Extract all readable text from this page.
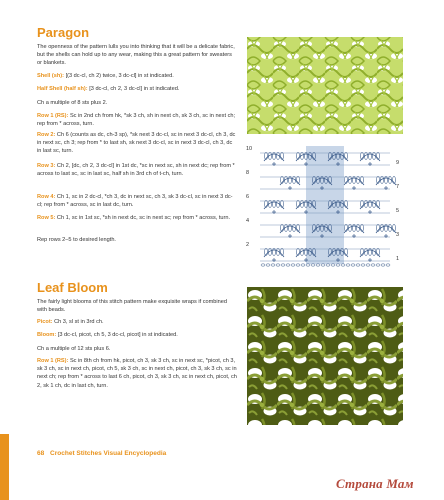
Paragon

The openness of the pattern lulls you into thinking that it will be a delicate fabric, but the shells can hold up to any wear, making this a great pattern for sweaters or blankets.

Shell (sh): [(3 dc-cl, ch 2) twice, 3 dc-cl] in st indicated.

Half Shell (half sh): [3 dc-cl, ch 2, 3 dc-cl] in st indicated.

Ch a multiple of 8 sts plus 2.

Row 1 (RS): Sc in 2nd ch from hk, *sk 3 ch, sh in next ch, sk 3 ch, sc in next ch; rep from * across, turn.

Row 2: Ch 6 (counts as dc, ch-3 sp), *sk next 3 dc-cl, sc in next 3 dc-cl, ch 3, dc in next sc, ch 3; rep from * to last sh, sk next 3 dc-cl, sc in next 3 dc-cl, ch 3, dc in last sc, turn.

Row 3: Ch 2, [dc, ch 2, 3 dc-cl] in 1st dc, *sc in next sc, sh in next dc; rep from * across to last sc, sc in last sc, half sh in 3rd ch of t-ch, turn.

Row 4: Ch 1, sc in 2 dc-cl, *ch 3, dc in next sc, ch 3, sk 3 dc-cl, sc in next 3 dc-cl; rep from * across, sc in last dc, turn.

Row 5: Ch 1, sc in 1st sc, *sh in next dc, sc in next sc; rep from * across, turn.

Rep rows 2–5 to desired length.

10
8
6
4
2
9
7
5
3
1
Leaf Bloom

The fairly light blooms of this stitch pattern make exquisite wraps if combined with beads.

Picot: Ch 3, sl st in 3rd ch.

Bloom: [3 dc-cl, picot, ch 5, 3 dc-cl, picot] in st indicated.

Ch a multiple of 12 sts plus 6.

Row 1 (RS): Sc in 8th ch from hk, picot, ch 3, sk 3 ch, sc in next sc, *picot, ch 3, sk 3 ch, sc in next ch, picot, ch 5, sk 3 ch, sc in next ch, picot, ch 3, sk 3 ch, sc in next ch; rep from * across to last 6 ch, picot, ch 3, sk 3 ch, sc in next ch, picot, ch 2, sk 1 ch, dc in last ch, turn.

68 Crochet Stitches Visual Encyclopedia
Страна Мам
